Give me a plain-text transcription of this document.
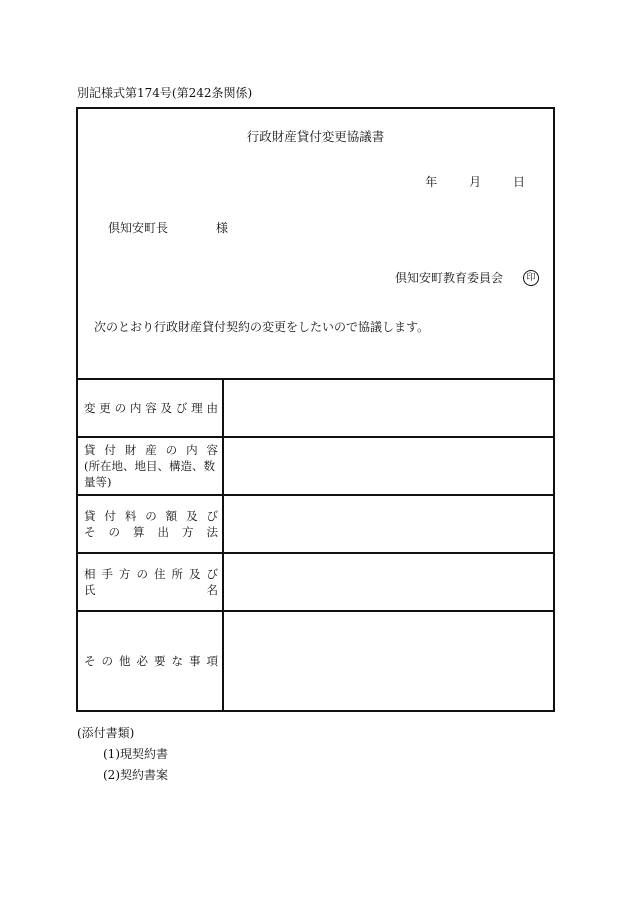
別記様式第174号(第242条関係)
行政財産貸付変更協議書
年	月	日
倶知安町長	様
倶知安町教育委員会	印
次のとおり行政財産貸付契約の変更をしたいので協議します。
変更の内容及び理由
貸付財産の内容
(所在地、地目、構造、数
量等)
貸付料の額及び
その算出方法
相手方の住所及び
氏名
その他必要な事項
(添付書類)
(1)現契約書
(2)契約書案
